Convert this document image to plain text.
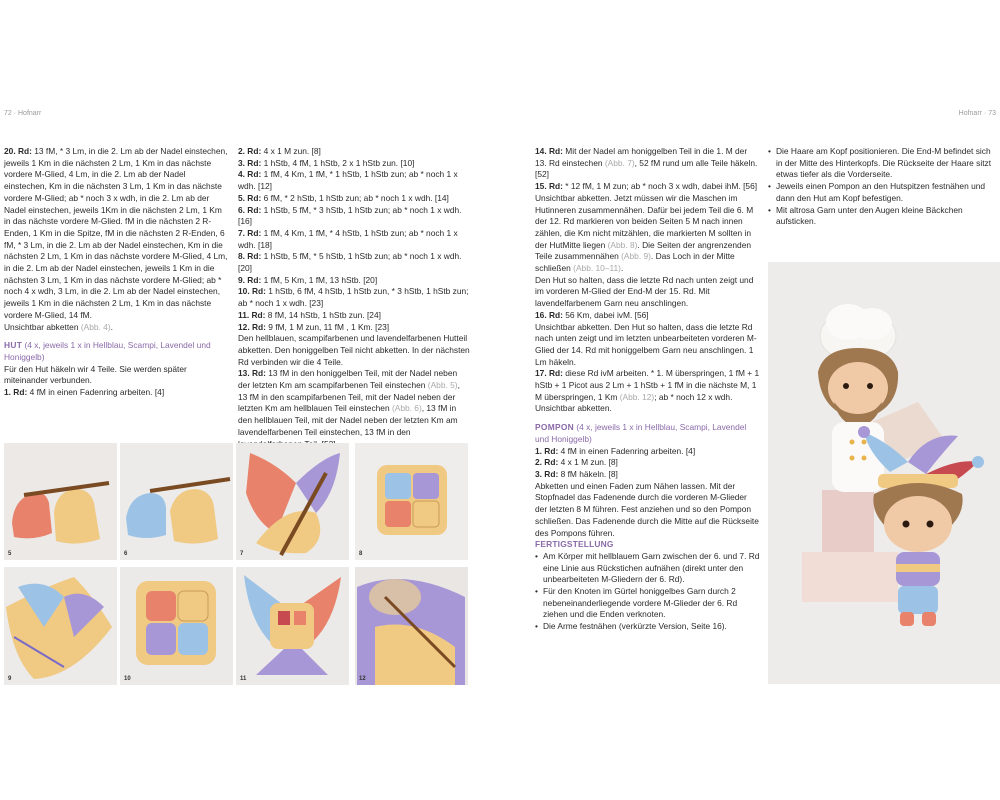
72 · Hofnarr

20. Rd: 13 fM, * 3 Lm, in die 2. Lm ab der Nadel einstechen, jeweils 1 Km in die nächsten 2 Lm, 1 Km in das nächste vordere M-Glied, 4 Lm, in die 2. Lm ab der Nadel einstechen, Km in die nächsten 3 Lm, 1 Km in das nächste vordere M-Glied; ab * noch 3 x wdh, in die 2. Lm ab der Nadel einstechen, jeweils 1Km in die nächsten 2 Lm, 1 Km in das nächste vordere M-Glied. fM in die nächsten 2 R-Enden, 1 Km in die Spitze, fM in die nächsten 2 R-Enden, 6 fM, * 3 Lm, in die 2. Lm ab der Nadel einstechen, Km in die nächsten 2 Lm, 1 Km in das nächste vordere M-Glied, 4 Lm, in die 2. Lm ab der Nadel einstechen, jeweils 1 Km in die nächsten 3 Lm, 1 Km in das nächste vordere M-Glied; ab * noch 4 x wdh, 3 Lm, in die 2. Lm ab der Nadel einstechen, jeweils 1 Km in die nächsten 2 Lm, 1 Km in das nächste vordere M-Glied, 14 fM.

Unsichtbar abketten (Abb. 4).

HUT (4 x, jeweils 1 x in Hellblau, Scampi, Lavendel und Honiggelb)

Für den Hut häkeln wir 4 Teile. Sie werden später miteinander verbunden.

1. Rd: 4 fM in einen Fadenring arbeiten. [4]

2. Rd: 4 x 1 M zun. [8]

3. Rd: 1 hStb, 4 fM, 1 hStb, 2 x 1 hStb zun. [10]

4. Rd: 1 fM, 4 Km, 1 fM, * 1 hStb, 1 hStb zun; ab * noch 1 x wdh. [12]

5. Rd: 6 fM, * 2 hStb, 1 hStb zun; ab * noch 1 x wdh. [14]

6. Rd: 1 hStb, 5 fM, * 3 hStb, 1 hStb zun; ab * noch 1 x wdh. [16]

7. Rd: 1 fM, 4 Km, 1 fM, * 4 hStb, 1 hStb zun; ab * noch 1 x wdh. [18]

8. Rd: 1 hStb, 5 fM, * 5 hStb, 1 hStb zun; ab * noch 1 x wdh. [20]

9. Rd: 1 fM, 5 Km, 1 fM, 13 hStb. [20]

10. Rd: 1 hStb, 6 fM, 4 hStb, 1 hStb zun, * 3 hStb, 1 hStb zun; ab * noch 1 x wdh. [23]

11. Rd: 8 fM, 14 hStb, 1 hStb zun. [24]

12. Rd: 9 fM, 1 M zun, 11 fM , 1 Km. [23]

Den hellblauen, scampifarbenen und lavendelfarbenen Hutteil abketten. Den honiggelben Teil nicht abketten. In der nächsten Rd verbinden wir die 4 Teile.

13. Rd: 13 fM in den honiggelben Teil, mit der Nadel neben der letzten Km am scampifarbenen Teil einstechen (Abb. 5), 13 fM in den scampifarbenen Teil, mit der Nadel neben der letzten Km am hellblauen Teil einstechen (Abb. 6), 13 fM in den hellblauen Teil, mit der Nadel neben der letzten Km am lavendelfarbenen Teil einstechen, 13 fM in den

5	6	7	8
9	10	11	12
Hofnarr · 73

14. Rd: Mit der Nadel am honiggelben Teil in die 1. M der 13. Rd einstechen (Abb. 7), 52 fM rund um alle Teile häkeln. [52]

15. Rd: * 12 fM, 1 M zun; ab * noch 3 x wdh, dabei ihM. [56]

Unsichtbar abketten. Jetzt müssen wir die Maschen im Hutinneren zusammennähen. Dafür bei jedem Teil die 6. M der 12. Rd markieren von beiden Seiten 5 M nach innen zählen, die Km nicht mitzählen, die markierten M sollten in der HutMitte liegen (Abb. 8). Die Seiten der angrenzenden Teile zusammennähen (Abb. 9). Das Loch in der Mitte schließen (Abb. 10–11).

Den Hut so halten, dass die letzte Rd nach unten zeigt und im vorderen M-Glied der End-M der 15. Rd. Mit lavendelfarbenem Garn neu anschlingen.

16. Rd: 56 Km, dabei ivM. [56]

Unsichtbar abketten. Den Hut so halten, dass die letzte Rd nach unten zeigt und im letzten unbearbeiteten vorderen M-Glied der 14. Rd mit honiggelbem Garn neu anschlingen. 1 Lm häkeln.

17. Rd: diese Rd ivM arbeiten. * 1. M überspringen, 1 fM + 1 hStb + 1 Picot aus 2 Lm + 1 hStb + 1 fM in die nächste M, 1 M überspringen, 1 Km (Abb. 12); ab * noch 12 x wdh.

Unsichtbar abketten.

POMPON (4 x, jeweils 1 x in Hellblau, Scampi, Lavendel und Honiggelb)

1. Rd: 4 fM in einen Fadenring arbeiten. [4]

2. Rd: 4 x 1 M zun. [8]

3. Rd: 8 fM häkeln. [8]

Abketten und einen Faden zum Nähen lassen. Mit der Stopfnadel das Fadenende durch die vorderen M-Glieder der letzten 8 M führen. Fest anziehen und so den Pompon schließen. Das Fadenende durch die Mitte auf die Rückseite des Pompons führen.

FERTIGSTELLUNG

• Am Körper mit hellblauem Garn zwischen der 6. und 7. Rd eine Linie aus Rückstichen aufnähen (direkt unter den unbearbeiteten M-Gliedern der 6. Rd).
• Für den Knoten im Gürtel honiggelbes Garn durch 2 nebeneinanderliegende vordere M-Glieder der 6. Rd ziehen und die Enden verknoten.
• Die Arme festnähen (verkürzte Version, Seite 16).
• Die Haare am Kopf positionieren. Die End-M befindet sich in der Mitte des Hinterkopfs. Die Rückseite der Haare sitzt etwas tiefer als die Vorderseite.
• Jeweils einen Pompon an den Hutspitzen festnähen und dann den Hut am Kopf befestigen.
• Mit altrosa Garn unter den Augen kleine Bäckchen aufsticken.
